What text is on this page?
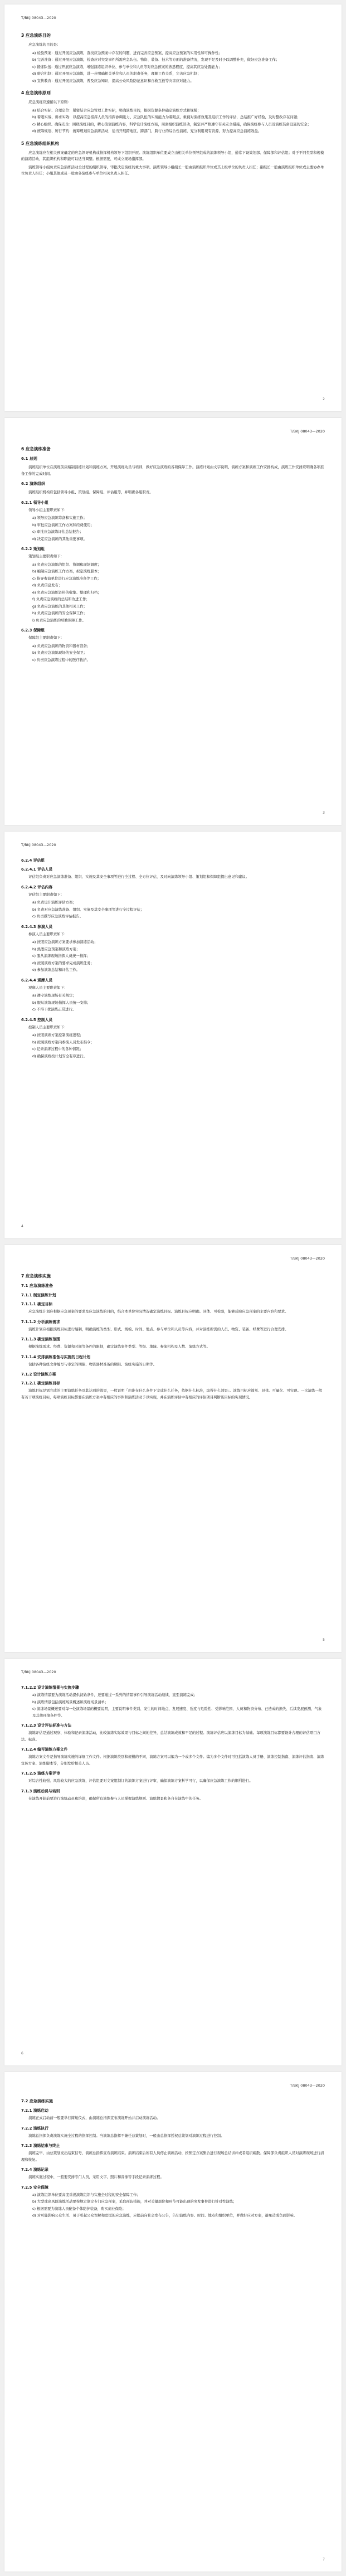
T/BKJ 08043—2020
3 应急演练目的
应急演练的目的是：
a) 检验预案：通过开展应急演练，查找应急预案中存在的问题，进而完善应急预案，提高应急预案的实用性和可操作性；
b) 完善准备：通过开展应急演练，检查应对突发事件所需应急队伍、物资、装备、技术等方面的准备情况，发现不足及时予以调整补充，做好应急准备工作；
c) 锻炼队伍：通过开展应急演练，增强演练组织单位、参与单位和人员等对应急预案的熟悉程度，提高其应急处置能力；
d) 磨合机制：通过开展应急演练，进一步明确相关单位和人员的职责任务，理顺工作关系，完善应急机制；
e) 宣传教育：通过开展应急演练，普及应急知识，提高公众风险防范意识和自救互救等灾害应对能力。
4 应急演练原则
应急演练应遵循以下原则：
a) 结合实际、合理定位：紧密结合应急管理工作实际，明确演练目的，根据资源条件确定演练方式和规模；
b) 着眼实战、讲求实效：以提高应急指挥人员的指挥协调能力、应急队伍的实战能力为着眼点，重视对演练效果及组织工作的评估，总结推广好经验，及时整改存在问题；
c) 精心组织、确保安全：围绕演练目的，精心策划演练内容，科学设计演练方案，周密组织演练活动，制定并严格遵守有关安全措施，确保演练参与人员及演练装备设施的安全；
d) 统筹规划、厉行节约：统筹规划应急演练活动，适当开展跨地区、跨部门、跨行业的综合性演练，充分利用现有资源，努力提高应急演练效益。
5 应急演练组织机构
应急演练应在相关预案确定的应急领导机构或指挥机构领导下组织开展。演练组织单位要成立由相关单位领导组成的演练领导小组，通常下设策划部、保障部和评估组；对于不同类型和规模的演练活动，其组织机构和职能可以适当调整。根据需要，可成立现场指挥部。
演练领导小组负责应急演练活动全过程的组织领导，审批决定演练的重大事项。演练领导小组组长一般由演练组织单位或其上级单位的负责人担任；副组长一般由演练组织单位或主要协办单位负责人担任；小组其他成员一般由各演练参与单位相关负责人担任。
2
T/BKJ 08043—2020
6 应急演练准备
6.1 总则
演练组织单位在演练前应编制演练计划和演练方案，开展演练动员与培训，做好应急演练的各项保障工作。演练计划由文字说明、演练方案和演练工作安排构成，演练工作安排应明确各项准备工作的完成时间。
6.2 演练组织
演练组织机构应包括领导小组、策划组、保障组、评估组等，并明确各组职责。
6.2.1 领导小组
领导小组主要职责如下：
a) 领导应急演练筹备和实施工作；
b) 审批应急演练工作方案和经费使用；
c) 审批应急演练评估总结报告；
d) 决定应急演练的其他重要事项。
6.2.2 策划组
策划组主要职责如下：
a) 负责应急演练的组织、协调和现场调度；
b) 编制应急演练工作方案，拟定演练脚本；
c) 指导参演单位进行应急演练准备等工作；
d) 负责信息发布；
e) 负责应急演练资料的收集、整理和归档；
f) 负责应急演练的总结和改进工作；
g) 负责应急演练的其他相关工作；
h) 负责应急演练的安全保障工作；
i) 负责应急演练的后勤保障工作。
6.2.3 保障组
保障组主要职责如下：
a) 负责应急演练的物资和器材准备；
b) 负责应急演练现场的安全保卫；
c) 负责应急演练过程中的医疗救护。
3
T/BKJ 08043—2020
6.2.4 评估组
6.2.4.1 评估人员
评估组负责对应急演练准备、组织、实施及其安全事项等进行全过程、全方位评估，及时向演练领导小组、策划组和保障组提出意见和建议。
6.2.4.2 评估内容
评估组主要职责如下：
a) 负责设计演练评估方案；
b) 负责对应急演练准备、组织、实施及其安全事项等进行全过程评估；
c) 负责撰写应急演练评估报告。
6.2.4.3 参演人员
参演人员主要职责如下：
a) 按照应急演练方案要求参加演练活动；
b) 熟悉应急预案和演练方案；
c) 服从演练现场指挥人员统一指挥；
d) 按照演练方案的要求完成演练任务；
e) 参加演练总结和评估工作。
6.2.4.4 观摩人员
观摩人员主要职责如下：
a) 遵守演练现场有关规定；
b) 服从演练现场指挥人员统一安排；
c) 不得干扰演练正常进行。
6.2.4.5 控制人员
控制人员主要职责如下：
a) 按照演练方案控制演练进程；
b) 按照演练方案向参演人员发布指令；
c) 记录演练过程中的各种情况；
d) 确保演练按计划安全有序进行。
4
T/BKJ 08043—2020
7 应急演练实施
7.1 应急演练准备
7.1.1 制定演练计划
7.1.1.1 确定目标
应急演练计划应根据应急预案的要求及应急演练的目的，结合本单位实际情况确定演练目标。演练目标应明确、具体、可检验，能够反映应急预案的主要内容和要求。
7.1.1.2 分析演练需求
演练计划应根据演练目标进行编制，明确演练的类型、形式、规模、时间、地点、参与单位和人员等内容，并对演练所需的人员、物资、装备、经费等进行合理安排。
7.1.1.3 确定演练范围
根据演练需求、经费、资源和时间等条件的限制，确定演练事件类型、等级、地域、参演机构及人数、演练方式等。
7.1.1.4 安排演练准备与实施的日程计划
包括各种演练文件编写与审定的期限、物资器材准备的期限、演练实施的日期等。
7.1.2 设计演练方案
7.1.2.1 确定演练目标
演练目标是需完成的主要演练任务及其达到的效果，一般说明「由谁在什么条件下完成什么任务，依据什么标准，取得什么效果」。演练目标应简单、具体、可量化、可实现。一次演练一般有若干项演练目标，每项演练目标都要在演练方案中有相应的事件和演练活动予以实现，并在演练评估中有相应的评估项目判断该目标的实现情况。
5
T/BKJ 08043—2020
7.1.2.2 设计演练情景与实施步骤
a) 演练情景要为演练活动提供初始条件，还要通过一系列的情景事件引导演练活动继续，直至演练完成；
b) 演练情景包括演练场景概述和演练场景清单；
c) 演练场景概述要对每一处演练场景的概要说明，主要说明事件类别、发生的时间地点、发展速度、强度与危险性、受影响范围、人员和物资分布、已造成的损失、后续发展预测、气象及其他环境条件等。
7.1.2.3 设计评估标准与方法
演练评估是通过观察、体验和记录演练活动，比较演练实际效果与目标之间的差异，总结演练成效和不足的过程。演练评估应以演练目标为基础。每项演练目标都要设计合理的评估项目方法、标准。
7.1.2.4 编写演练方案文件
演练方案文件是指导演练实施的详细工作文件。根据演练类别和规模的不同，演练方案可以编为一个或多个文件。编为多个文件时可包括演练人员手册、演练控制指南、演练评估指南、演练宣传方案、演练脚本等，分别发给相关人员。
7.1.2.5 演练方案评审
对综合性较强、风险较大的应急演练，评估组要对文案组制订的演练方案进行评审，确保演练方案科学可行，以确保应急演练工作的顺利进行。
7.1.3 演练动员与培训
在演练开始前要进行演练动员和培训，确保所有演练参与人员掌握演练规则、演练情景和各自在演练中的任务。
6
T/BKJ 08043—2020
7.2 应急演练实施
7.2.1 演练启动
演练正式启动前一般要举行简短仪式，由演练总指挥宣布演练开始并启动演练活动。
7.2.2 演练执行
演练总指挥负责演练实施全过程的指挥控制。当演练总指挥不兼任总策划时，一般由总指挥授权总策划对演练过程进行控制。
7.2.3 演练结束与终止
演练完毕，由总策划发出结束信号，演练总指挥宣布演练结束。演练结束后所有人员停止演练活动，按预定方案集合进行现场总结讲评或者组织疏散。保障部负责组织人员对演练现场进行清理和恢复。
7.2.4 演练记录
演练实施过程中，一般要安排专门人员，采用文字、照片和音像等手段记录演练过程。
7.2.5 安全保障
a) 演练组织单位要高度重视演练组织与实施全过程的安全保障工作；
b) 大型或高风险演练活动要按规定制定专门应急预案，采取预防措施，并对关键部位和环节可能出现的突发事件进行针对性演练；
c) 根据需要为演练人员配备个体防护装备，购买商业保险；
d) 对可能影响公众生活、易于引起公众误解和恐慌的应急演练，应提前向社会发布公告，告知演练内容、时间、地点和组织单位，并做好应对方案，避免造成负面影响。
7
